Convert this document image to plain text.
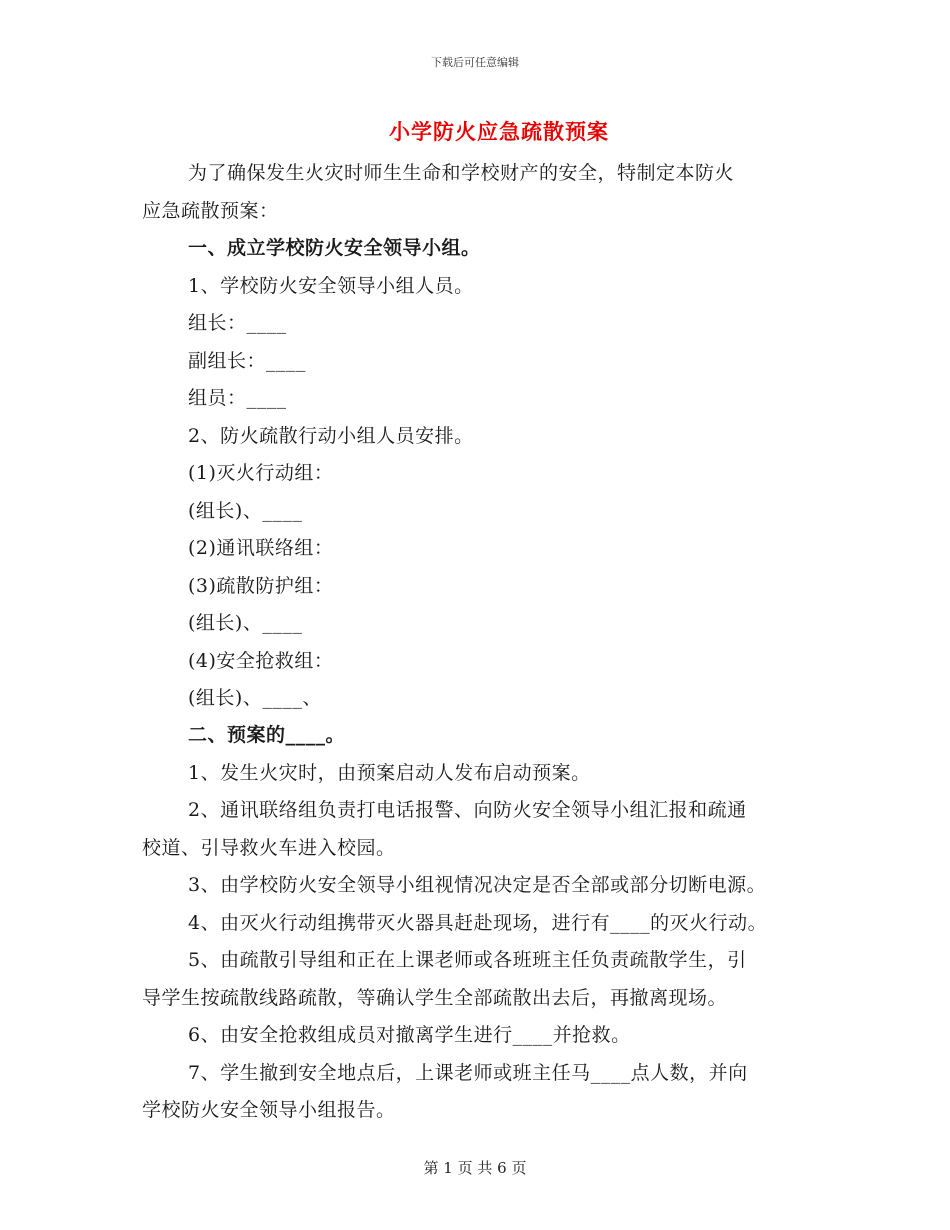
下载后可任意编辑
小学防火应急疏散预案
为了确保发生火灾时师生生命和学校财产的安全，特制定本防火
应急疏散预案：
一、成立学校防火安全领导小组。
1、学校防火安全领导小组人员。
组长：____
副组长：____
组员：____
2、防火疏散行动小组人员安排。
(1)灭火行动组：
(组长)、____
(2)通讯联络组：
(3)疏散防护组：
(组长)、____
(4)安全抢救组：
(组长)、____、
二、预案的____。
1、发生火灾时，由预案启动人发布启动预案。
2、通讯联络组负责打电话报警、向防火安全领导小组汇报和疏通
校道、引导救火车进入校园。
3、由学校防火安全领导小组视情况决定是否全部或部分切断电源。
4、由灭火行动组携带灭火器具赶赴现场，进行有____的灭火行动。
5、由疏散引导组和正在上课老师或各班班主任负责疏散学生，引
导学生按疏散线路疏散，等确认学生全部疏散出去后，再撤离现场。
6、由安全抢救组成员对撤离学生进行____并抢救。
7、学生撤到安全地点后，上课老师或班主任马____点人数，并向
学校防火安全领导小组报告。
第 1 页 共 6 页
